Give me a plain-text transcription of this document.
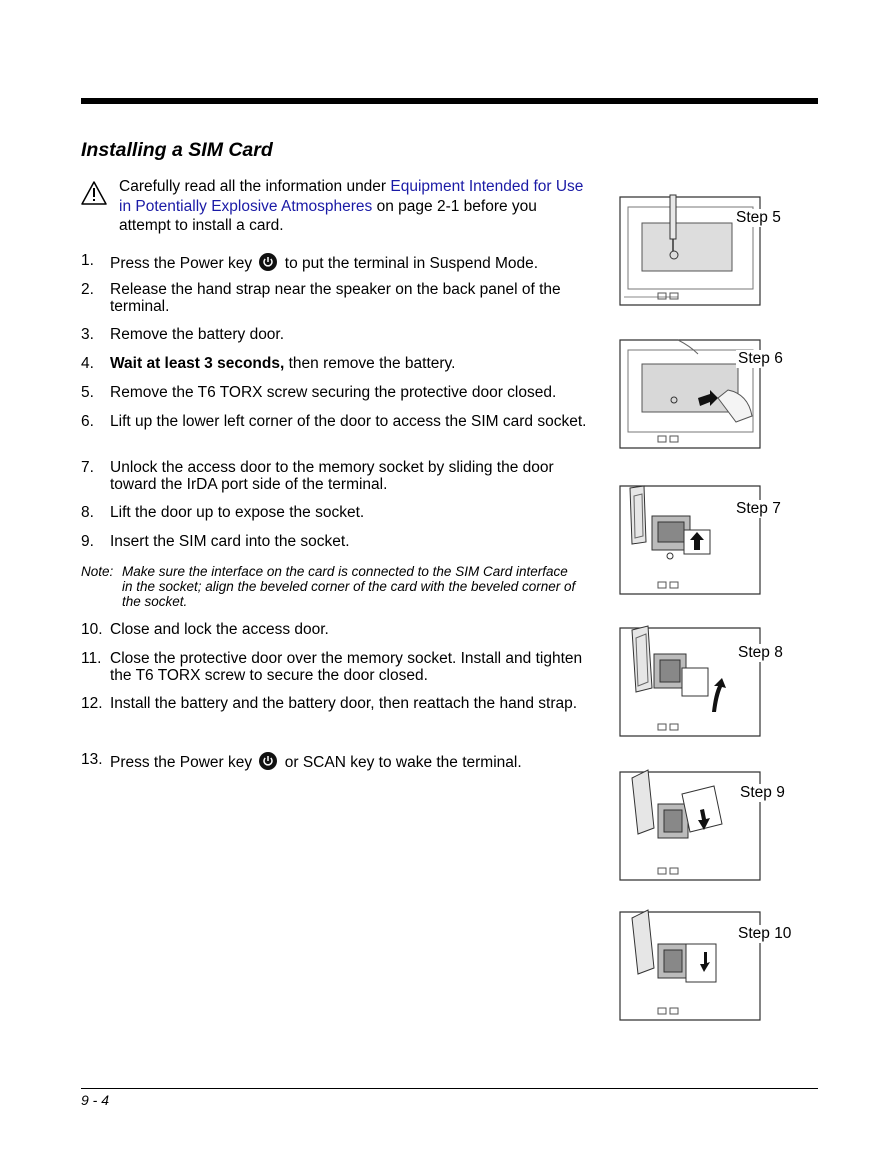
Installing a SIM Card
Carefully read all the information under Equipment Intended for Use in Potentially Explosive Atmospheres on page 2-1 before you attempt to install a card.
1. Press the Power key
to put the terminal in Suspend Mode.
2. Release the hand strap near the speaker on the back panel of the terminal.
3. Remove the battery door.
4. Wait at least 3 seconds, then remove the battery.
5. Remove the T6 TORX screw securing the protective door closed.
6. Lift up the lower left corner of the door to access the SIM card socket.
7. Unlock the access door to the memory socket by sliding the door toward the IrDA port side of the terminal.
8. Lift the door up to expose the socket.
9. Insert the SIM card into the socket.
Note: Make sure the interface on the card is connected to the SIM Card interface in the socket; align the beveled corner of the card with the beveled corner of the socket.
10. Close and lock the access door.
11. Close the protective door over the memory socket. Install and tighten the T6 TORX screw to secure the door closed.
12. Install the battery and the battery door, then reattach the hand strap.
13. Press the Power key
or SCAN key to wake the terminal.
Step 5
Step 6
Step 7
Step 8
Step 9
Step 10
9 - 4
